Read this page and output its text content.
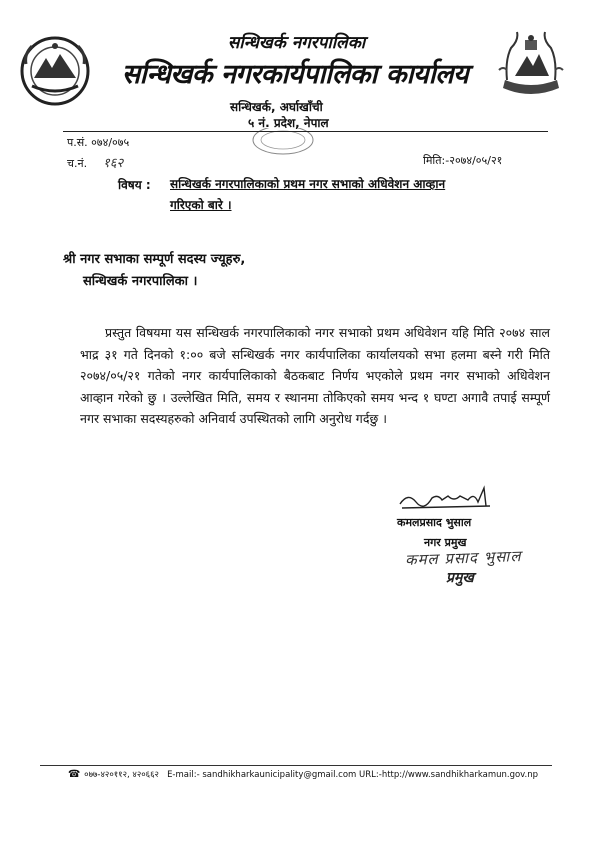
सन्धिखर्क नगरपालिका
सन्धिखर्क नगरकार्यपालिका कार्यालय
सन्धिखर्क, अर्घाखाँची
५ नं. प्रदेश, नेपाल
प.सं. ०७४/०७५
च.नं. १६२	मिति:-२०७४/०५/२१
विषय : सन्धिखर्क नगरपालिकाको प्रथम नगर सभाको अधिवेशन आव्हान
गरिएको बारे ।
श्री नगर सभाका सम्पूर्ण सदस्य ज्यूहरु,
सन्धिखर्क नगरपालिका ।

प्रस्तुत विषयमा यस सन्धिखर्क नगरपालिकाको नगर सभाको प्रथम अधिवेशन यहि मिति २०७४ साल भाद्र ३१ गते दिनको १:०० बजे सन्धिखर्क नगर कार्यपालिका कार्यालयको सभा हलमा बस्ने गरी मिति २०७४/०५/२१ गतेको नगर कार्यपालिकाको बैठकबाट निर्णय भएकोले प्रथम नगर सभाको अधिवेशन आव्हान गरेको छु । उल्लेखित मिति, समय र स्थानमा तोकिएको समय भन्द १ घण्टा अगावै तपाई सम्पूर्ण नगर सभाका सदस्यहरुको अनिवार्य उपस्थितको लागि अनुरोध गर्दछु ।

कमलप्रसाद भुसाल
नगर प्रमुख
कमल प्रसाद भुसाल
प्रमुख
☎ ०७७-४२०११२, ४२०६६२ E-mail:- sandhikharkaunicipality@gmail.com URL:-http://www.sandhikharkamun.gov.np
